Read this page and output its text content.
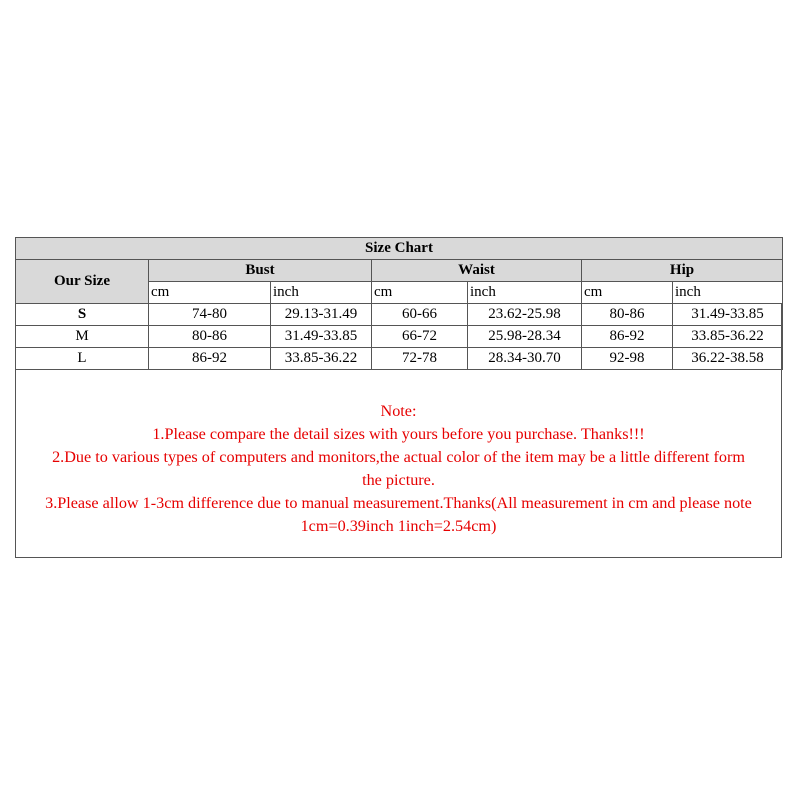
Size Chart						
Our Size	Bust		Waist		Hip	
	cm	inch	cm	inch	cm	inch
S	74-80	29.13-31.49	60-66	23.62-25.98	80-86	31.49-33.85
M	80-86	31.49-33.85	66-72	25.98-28.34	86-92	33.85-36.22
L	86-92	33.85-36.22	72-78	28.34-30.70	92-98	36.22-38.58
Note:
1.Please compare the detail sizes with yours before you purchase. Thanks!!!
2.Due to various types of computers and monitors,the actual color of the item may be a little different form
the picture.
3.Please allow 1-3cm difference due to manual measurement.Thanks(All measurement in cm and please note
1cm=0.39inch 1inch=2.54cm)
